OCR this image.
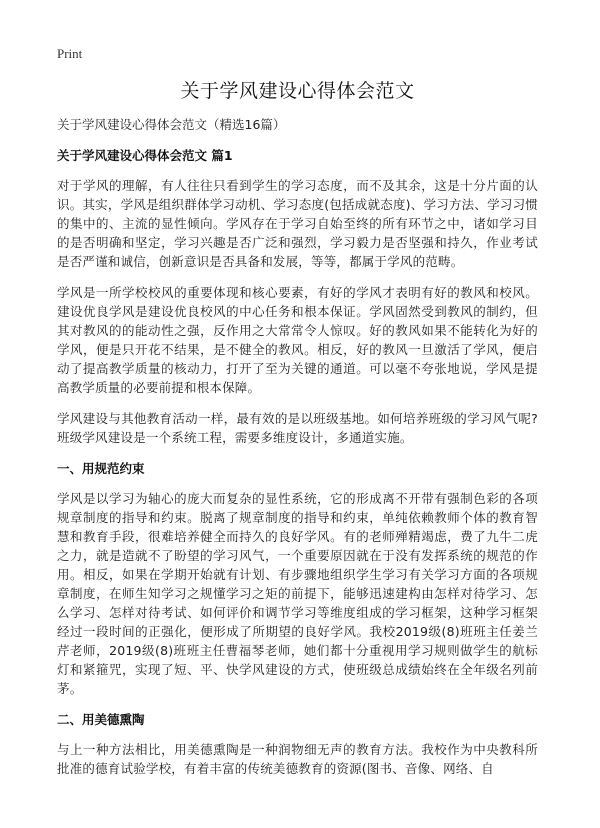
Print
关于学风建设心得体会范文
关于学风建设心得体会范文（精选16篇）
关于学风建设心得体会范文 篇1

对于学风的理解，有人往往只看到学生的学习态度，而不及其余，这是十分片面的认识。其实，学风是组织群体学习动机、学习态度(包括成就态度)、学习方法、学习习惯的集中的、主流的显性倾向。学风存在于学习自始至终的所有环节之中，诸如学习目的是否明确和坚定，学习兴趣是否广泛和强烈，学习毅力是否坚强和持久，作业考试是否严谨和诚信，创新意识是否具备和发展，等等，都属于学风的范畴。

学风是一所学校校风的重要体现和核心要素，有好的学风才表明有好的教风和校风。建设优良学风是建设优良校风的中心任务和根本保证。学风固然受到教风的制约，但其对教风的的能动性之强，反作用之大常常令人惊叹。好的教风如果不能转化为好的学风，便是只开花不结果，是不健全的教风。相反，好的教风一旦激活了学风，便启动了提高教学质量的核动力，打开了至为关键的通道。可以毫不夸张地说，学风是提高教学质量的必要前提和根本保障。

学风建设与其他教育活动一样，最有效的是以班级基地。如何培养班级的学习风气呢?班级学风建设是一个系统工程，需要多维度设计，多通道实施。

一、用规范约束

学风是以学习为轴心的庞大而复杂的显性系统，它的形成离不开带有强制色彩的各项规章制度的指导和约束。脱离了规章制度的指导和约束，单纯依赖教师个体的教育智慧和教育手段，很难培养健全而持久的良好学风。有的老师殚精竭虑，费了九牛二虎之力，就是造就不了盼望的学习风气，一个重要原因就在于没有发挥系统的规范的作用。相反，如果在学期开始就有计划、有步骤地组织学生学习有关学习方面的各项规章制度，在师生知学习之规懂学习之矩的前提下，能够迅速建构由怎样对待学习、怎么学习、怎样对待考试、如何评价和调节学习等维度组成的学习框架，这种学习框架经过一段时间的正强化，便形成了所期望的良好学风。我校2019级(8)班班主任姜兰芹老师，2019级(8)班班主任曹福琴老师，她们都十分重视用学习规则做学生的航标灯和紧箍咒，实现了短、平、快学风建设的方式，使班级总成绩始终在全年级名列前茅。

二、用美德熏陶

与上一种方法相比，用美德熏陶是一种润物细无声的教育方法。我校作为中央教科所批准的德育试验学校，有着丰富的传统美德教育的资源(图书、音像、网络、自
